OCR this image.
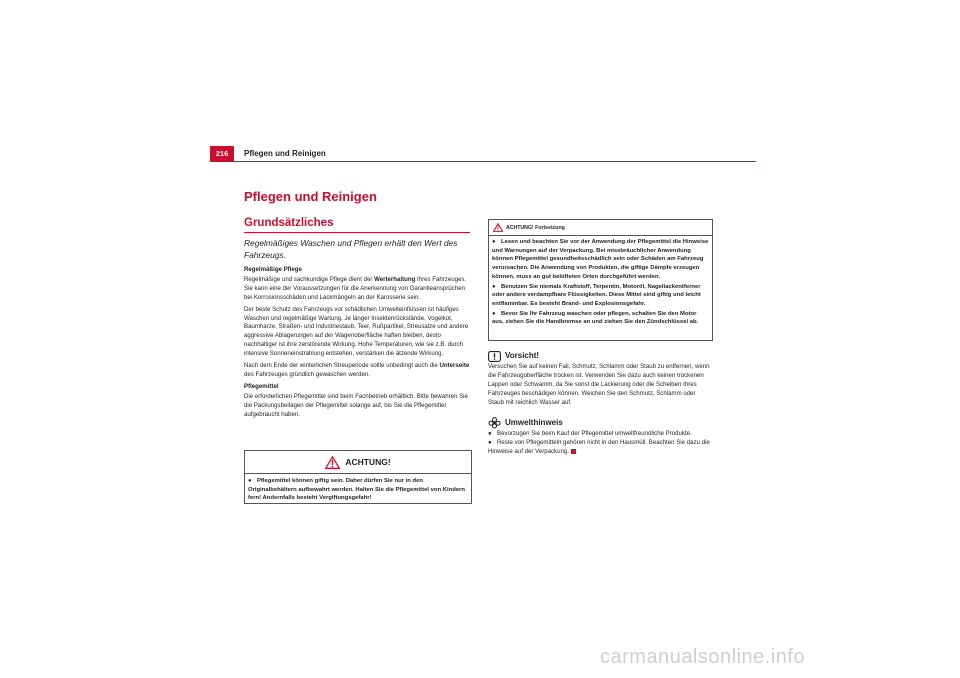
216	Pflegen und Reinigen
Pflegen und Reinigen
Grundsätzliches
Regelmäßiges Waschen und Pflegen erhält den Wert des Fahrzeugs.

Regelmäßige Pflege

Regelmäßige und sachkundige Pflege dient der Werterhaltung Ihres Fahrzeuges. Sie kann eine der Voraussetzungen für die Anerkennung von Garantieansprüchen bei Korrosionsschäden und Lackmängeln an der Karosserie sein.

Der beste Schutz des Fahrzeugs vor schädlichen Umwelteinflüssen ist häufiges Waschen und regelmäßige Wartung. Je länger Insektenrückstände, Vogelkot, Baumharze, Straßen- und Industriestaub, Teer, Rußpartikel, Streusalze und andere aggressive Ablagerungen auf der Wagenoberfläche haften bleiben, desto nachhaltiger ist ihre zerstörende Wirkung. Hohe Temperaturen, wie sie z.B. durch intensive Sonneneinstrahlung entstehen, verstärken die ätzende Wirkung.

Nach dem Ende der winterlichen Streuperiode sollte unbedingt auch die Unterseite des Fahrzeuges gründlich gewaschen werden.

Pflegemittel

Die erforderlichen Pflegemittel sind beim Fachbetrieb erhältlich. Bitte bewahren Sie die Packungsbeilagen der Pflegemittel solange auf, bis Sie die Pflegemittel aufgebraucht haben.

ACHTUNG!

● Pflegemittel können giftig sein. Daher dürfen Sie nur in den Originalbehältern aufbewahrt werden. Halten Sie die Pflegemittel von Kindern fern! Andernfalls besteht Vergiftungsgefahr!

ACHTUNG! Fortsetzung

● Lesen und beachten Sie vor der Anwendung der Pflegemittel die Hinweise und Warnungen auf der Verpackung. Bei missbräuchlicher Anwendung können Pflegemittel gesundheitsschädlich sein oder Schäden am Fahrzeug verursachen. Die Anwendung von Produkten, die giftige Dämpfe erzeugen können, muss an gut belüfteten Orten durchgeführt werden.

● Benutzen Sie niemals Kraftstoff, Terpentin, Motoröl, Nagellackentferner oder andere verdampfbare Flüssigkeiten. Diese Mittel sind giftig und leicht entflammbar. Es besteht Brand- und Explosionsgefahr.

● Bevor Sie Ihr Fahrzeug waschen oder pflegen, schalten Sie den Motor aus, ziehen Sie die Handbremse an und ziehen Sie den Zündschlüssel ab.

Vorsicht!

Versuchen Sie auf keinen Fall, Schmutz, Schlamm oder Staub zu entfernen, wenn die Fahrzeugoberfläche trocken ist. Verwenden Sie dazu auch keinen trockenen Lappen oder Schwamm, da Sie sonst die Lackierung oder die Scheiben Ihres Fahrzeuges beschädigen können. Weichen Sie den Schmutz, Schlamm oder Staub mit reichlich Wasser auf.

Umwelthinweis

● Bevorzugen Sie beim Kauf der Pflegemittel umweltfreundliche Produkte.

● Reste von Pflegemitteln gehören nicht in den Hausmüll. Beachten Sie dazu die Hinweise auf der Verpackung.

carmanualsonline.info
